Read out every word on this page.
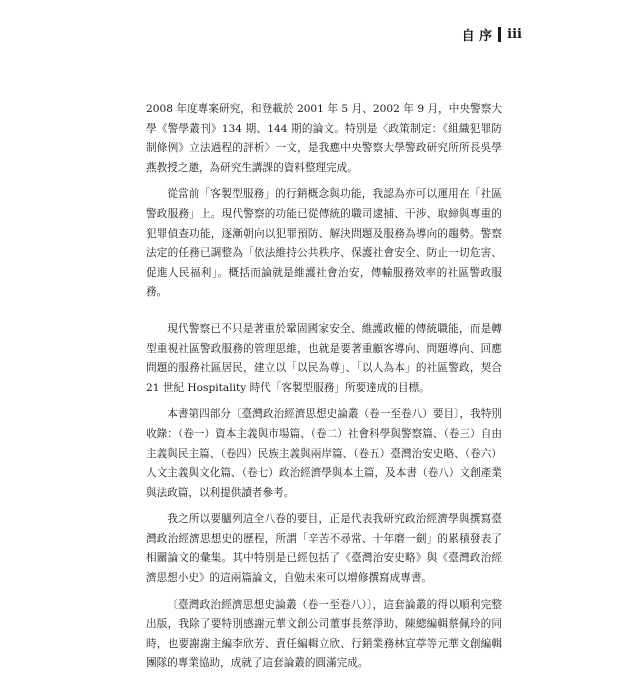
自 序 iii

2008 年度專案研究，和登載於 2001 年 5 月、2002 年 9 月，中央警察大學《警學叢刊》134 期、144 期的論文。特別是〈政策制定：《組織犯罪防制條例》立法過程的評析〉一文，是我應中央警察大學警政研究所所長吳學燕教授之邀，為研究生講課的資料整理完成。

從當前「客製型服務」的行銷概念與功能，我認為亦可以運用在「社區警政服務」上。現代警察的功能已從傳統的職司逮捕、干涉、取締與專重的犯罪偵查功能，逐漸朝向以犯罪預防、解決問題及服務為導向的趨勢。警察法定的任務已調整為「依法維持公共秩序、保護社會安全、防止一切危害、促進人民福利」。概括而論就是維護社會治安，傳輸服務效率的社區警政服務。

現代警察已不只是著重於鞏固國家安全、維護政權的傳統職能，而是轉型重視社區警政服務的管理思維，也就是要著重顧客導向、問題導向、回應問題的服務社區居民，建立以「以民為尊」、「以人為本」的社區警政，契合 21 世紀 Hospitality 時代「客製型服務」所要達成的目標。

本書第四部分〔臺灣政治經濟思想史論叢（卷一至卷八）要目〕，我特別收錄：（卷一）資本主義與市場篇、（卷二）社會科學與警察篇、（卷三）自由主義與民主篇、（卷四）民族主義與兩岸篇、（卷五）臺灣治安史略、（卷六）人文主義與文化篇、（卷七）政治經濟學與本土篇，及本書（卷八）文創產業與法政篇，以利提供讀者參考。

我之所以要臚列這全八卷的要目，正是代表我研究政治經濟學與撰寫臺灣政治經濟思想史的歷程，所謂「辛苦不尋常、十年磨一劍」的累積發表了相關論文的彙集。其中特別是已經包括了《臺灣治安史略》與《臺灣政治經濟思想小史》的這兩篇論文，自勉未來可以增修撰寫成專書。

〔臺灣政治經濟思想史論叢（卷一至卷八）〕，這套論叢的得以順利完整出版，我除了要特別感謝元華文創公司董事長蔡淨助、陳總編輯蔡佩玲的同時，也要謝謝主編李欣芳、責任編輯立欣、行銷業務林宜葶等元華文創編輯團隊的專業協助，成就了這套論叢的圓滿完成。
